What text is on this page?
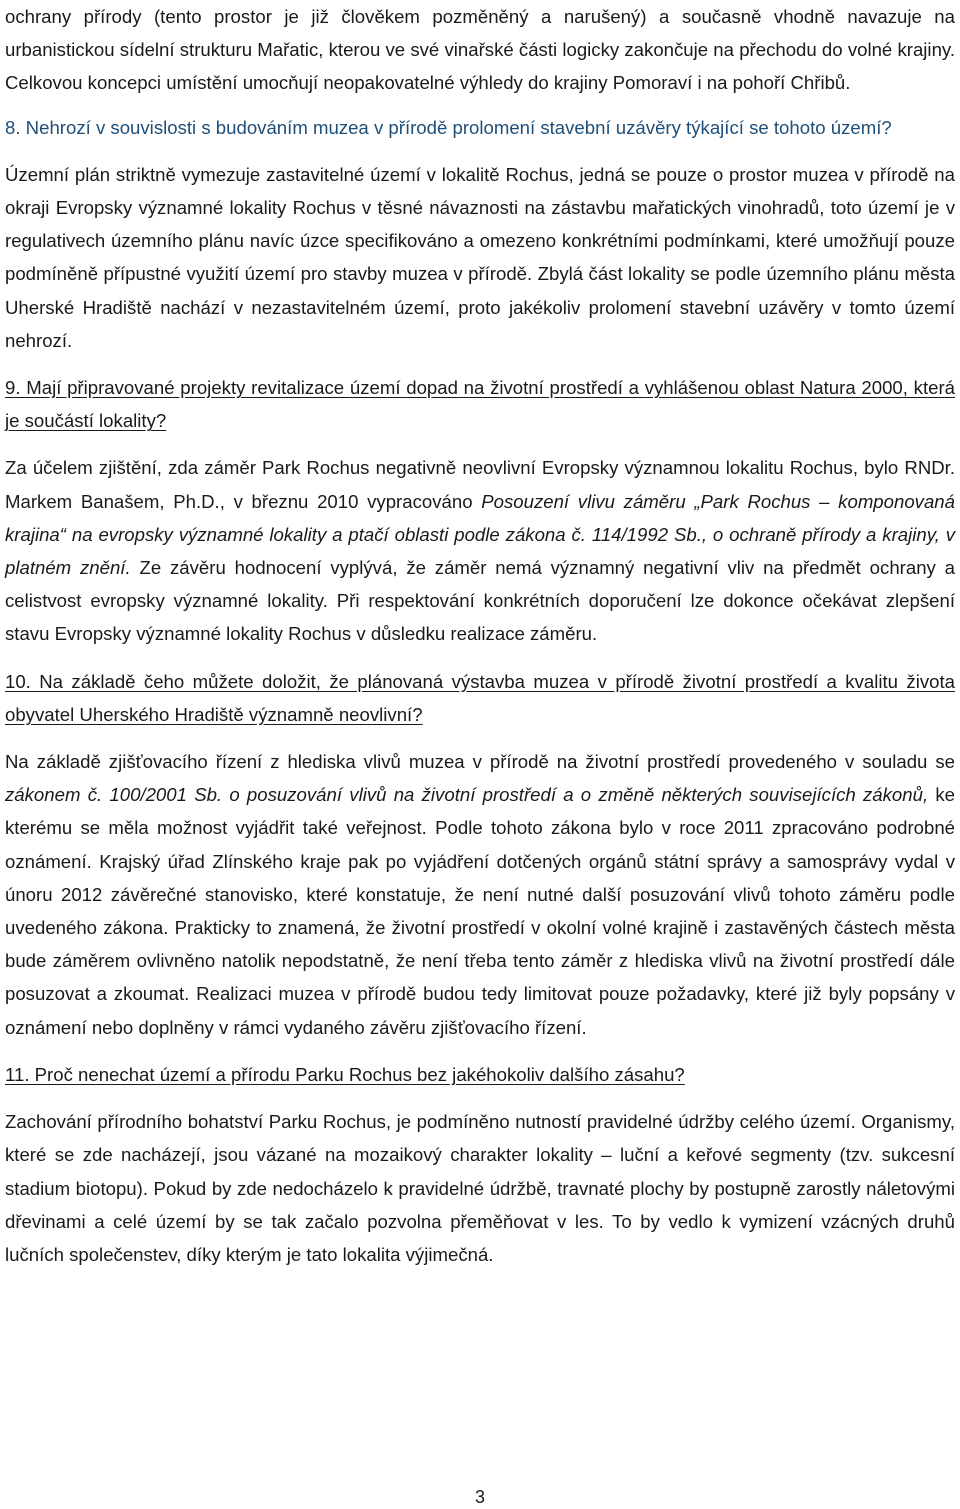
ochrany přírody (tento prostor je již člověkem pozměněný a narušený) a současně vhodně navazuje na urbanistickou sídelní strukturu Mařatic, kterou ve své vinařské části logicky zakončuje na přechodu do volné krajiny. Celkovou koncepci umístění umocňují neopakovatelné výhledy do krajiny Pomoraví i na pohoří Chřibů.

8. Nehrozí v souvislosti s budováním muzea v přírodě prolomení stavební uzávěry týkající se tohoto území?

Územní plán striktně vymezuje zastavitelné území v lokalitě Rochus, jedná se pouze o prostor muzea v přírodě na okraji Evropsky významné lokality Rochus v těsné návaznosti na zástavbu mařatických vinohradů, toto území je v regulativech územního plánu navíc úzce specifikováno a omezeno konkrétními podmínkami, které umožňují pouze podmíněně přípustné využití území pro stavby muzea v přírodě. Zbylá část lokality se podle územního plánu města Uherské Hradiště nachází v nezastavitelném území, proto jakékoliv prolomení stavební uzávěry v tomto území nehrozí.

9. Mají připravované projekty revitalizace území dopad na životní prostředí a vyhlášenou oblast Natura 2000, která je součástí lokality?

Za účelem zjištění, zda záměr Park Rochus negativně neovlivní Evropsky významnou lokalitu Rochus, bylo RNDr. Markem Banašem, Ph.D., v březnu 2010 vypracováno Posouzení vlivu záměru „Park Rochus – komponovaná krajina“ na evropsky významné lokality a ptačí oblasti podle zákona č. 114/1992 Sb., o ochraně přírody a krajiny, v platném znění. Ze závěru hodnocení vyplývá, že záměr nemá významný negativní vliv na předmět ochrany a celistvost evropsky významné lokality. Při respektování konkrétních doporučení lze dokonce očekávat zlepšení stavu Evropsky významné lokality Rochus v důsledku realizace záměru.

10. Na základě čeho můžete doložit, že plánovaná výstavba muzea v přírodě životní prostředí a kvalitu života obyvatel Uherského Hradiště významně neovlivní?

Na základě zjišťovacího řízení z hlediska vlivů muzea v přírodě na životní prostředí provedeného v souladu se zákonem č. 100/2001 Sb. o posuzování vlivů na životní prostředí a o změně některých souvisejících zákonů, ke kterému se měla možnost vyjádřit také veřejnost. Podle tohoto zákona bylo v roce 2011 zpracováno podrobné oznámení. Krajský úřad Zlínského kraje pak po vyjádření dotčených orgánů státní správy a samosprávy vydal v únoru 2012 závěrečné stanovisko, které konstatuje, že není nutné další posuzování vlivů tohoto záměru podle uvedeného zákona. Prakticky to znamená, že životní prostředí v okolní volné krajině i zastavěných částech města bude záměrem ovlivněno natolik nepodstatně, že není třeba tento záměr z hlediska vlivů na životní prostředí dále posuzovat a zkoumat. Realizaci muzea v přírodě budou tedy limitovat pouze požadavky, které již byly popsány v oznámení nebo doplněny v rámci vydaného závěru zjišťovacího řízení.

11. Proč nenechat území a přírodu Parku Rochus bez jakéhokoliv dalšího zásahu?

Zachování přírodního bohatství Parku Rochus, je podmíněno nutností pravidelné údržby celého území. Organismy, které se zde nacházejí, jsou vázané na mozaikový charakter lokality – luční a keřové segmenty (tzv. sukcesní stadium biotopu). Pokud by zde nedocházelo k pravidelné údržbě, travnaté plochy by postupně zarostly náletovými dřevinami a celé území by se tak začalo pozvolna přeměňovat v les. To by vedlo k vymizení vzácných druhů lučních společenstev, díky kterým je tato lokalita výjimečná.

3
